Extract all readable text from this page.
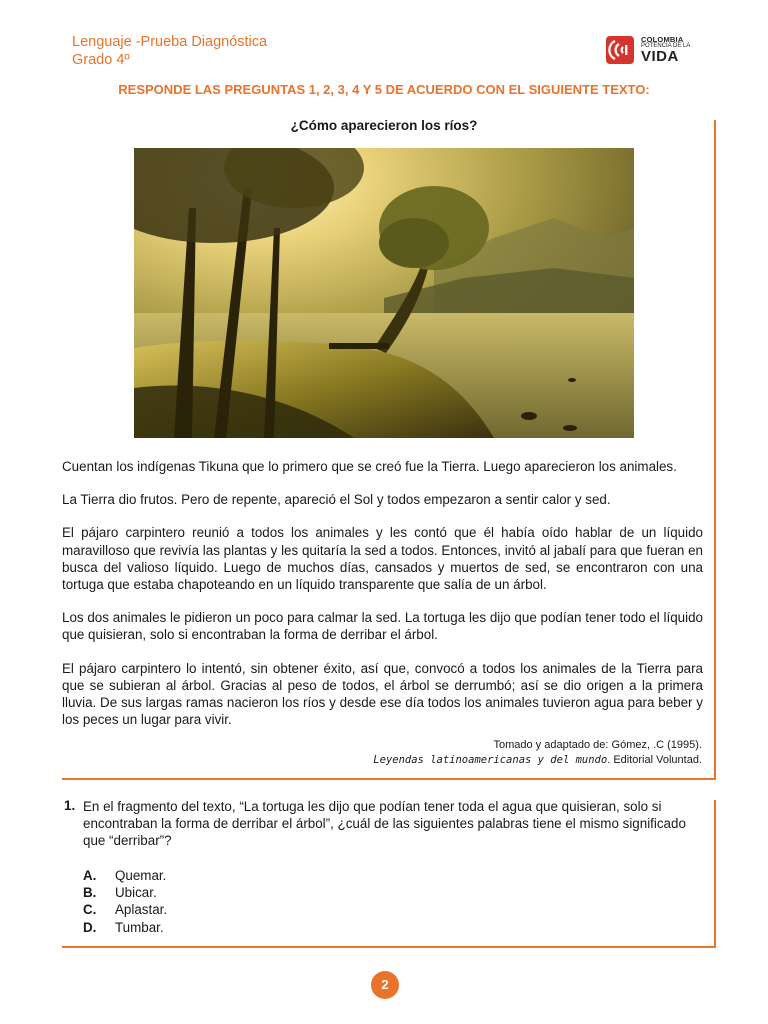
Lenguaje -Prueba Diagnóstica
Grado 4º
COLOMBIA
POTENCIA DE LA
VIDA
RESPONDE LAS PREGUNTAS 1, 2, 3, 4 Y 5 DE ACUERDO CON EL SIGUIENTE TEXTO:
¿Cómo aparecieron los ríos?

Cuentan los indígenas Tikuna que lo primero que se creó fue la Tierra. Luego aparecieron los animales.

La Tierra dio frutos. Pero de repente, apareció el Sol y todos empezaron a sentir calor y sed.

El pájaro carpintero reunió a todos los animales y les contó que él había oído hablar de un líquido maravilloso que revivía las plantas y les quitaría la sed a todos. Entonces, invitó al jabalí para que fueran en busca del valioso líquido. Luego de muchos días, cansados y muertos de sed, se encontraron con una tortuga que estaba chapoteando en un líquido transparente que salía de un árbol.

Los dos animales le pidieron un poco para calmar la sed. La tortuga les dijo que podían tener todo el líquido que quisieran, solo si encontraban la forma de derribar el árbol.

El pájaro carpintero lo intentó, sin obtener éxito, así que, convocó a todos los animales de la Tierra para que se subieran al árbol. Gracias al peso de todos, el árbol se derrumbó; así se dio origen a la primera lluvia. De sus largas ramas nacieron los ríos y desde ese día todos los animales tuvieron agua para beber y los peces un lugar para vivir.

Tomado y adaptado de: Gómez, .C (1995).
Leyendas latinoamericanas y del mundo. Editorial Voluntad.
1. En el fragmento del texto, “La tortuga les dijo que podían tener toda el agua que quisieran, solo si encontraban la forma de derribar el árbol”, ¿cuál de las siguientes palabras tiene el mismo significado que “derribar”?
A.	Quemar.
B.	Ubicar.
C.	Aplastar.
D.	Tumbar.
2
